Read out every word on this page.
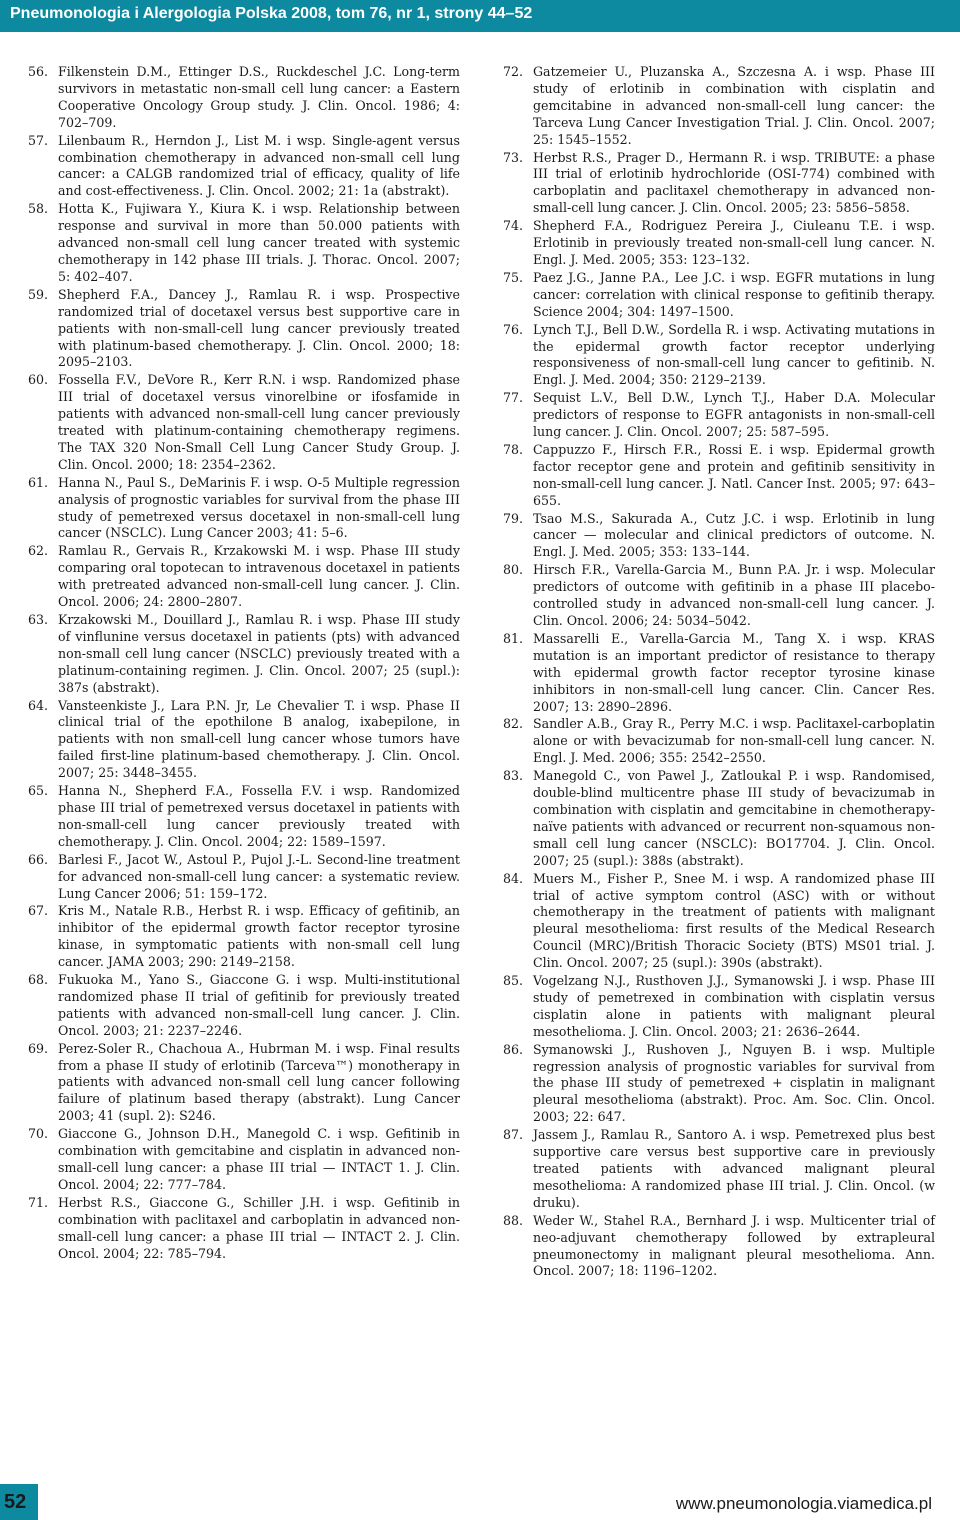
Pneumonologia i Alergologia Polska 2008, tom 76, nr 1, strony 44–52
56. Filkenstein D.M., Ettinger D.S., Ruckdeschel J.C. Long-term survivors in metastatic non-small cell lung cancer: a Eastern Cooperative Oncology Group study. J. Clin. Oncol. 1986; 4: 702–709.
57. Lilenbaum R., Herndon J., List M. i wsp. Single-agent versus combination chemotherapy in advanced non-small cell lung cancer: a CALGB randomized trial of efficacy, quality of life and cost-effectiveness. J. Clin. Oncol. 2002; 21: 1a (abstrakt).
58. Hotta K., Fujiwara Y., Kiura K. i wsp. Relationship between response and survival in more than 50.000 patients with advanced non-small cell lung cancer treated with systemic chemotherapy in 142 phase III trials. J. Thorac. Oncol. 2007; 5: 402–407.
59. Shepherd F.A., Dancey J., Ramlau R. i wsp. Prospective randomized trial of docetaxel versus best supportive care in patients with non-small-cell lung cancer previously treated with platinum-based chemotherapy. J. Clin. Oncol. 2000; 18: 2095–2103.
60. Fossella F.V., DeVore R., Kerr R.N. i wsp. Randomized phase III trial of docetaxel versus vinorelbine or ifosfamide in patients with advanced non-small-cell lung cancer previously treated with platinum-containing chemotherapy regimens. The TAX 320 Non-Small Cell Lung Cancer Study Group. J. Clin. Oncol. 2000; 18: 2354–2362.
61. Hanna N., Paul S., DeMarinis F. i wsp. O-5 Multiple regression analysis of prognostic variables for survival from the phase III study of pemetrexed versus docetaxel in non-small-cell lung cancer (NSCLC). Lung Cancer 2003; 41: 5–6.
62. Ramlau R., Gervais R., Krzakowski M. i wsp. Phase III study comparing oral topotecan to intravenous docetaxel in patients with pretreated advanced non-small-cell lung cancer. J. Clin. Oncol. 2006; 24: 2800–2807.
63. Krzakowski M., Douillard J., Ramlau R. i wsp. Phase III study of vinflunine versus docetaxel in patients (pts) with advanced non-small cell lung cancer (NSCLC) previously treated with a platinum-containing regimen. J. Clin. Oncol. 2007; 25 (supl.): 387s (abstrakt).
64. Vansteenkiste J., Lara P.N. Jr, Le Chevalier T. i wsp. Phase II clinical trial of the epothilone B analog, ixabepilone, in patients with non small-cell lung cancer whose tumors have failed first-line platinum-based chemotherapy. J. Clin. Oncol. 2007; 25: 3448–3455.
65. Hanna N., Shepherd F.A., Fossella F.V. i wsp. Randomized phase III trial of pemetrexed versus docetaxel in patients with non-small-cell lung cancer previously treated with chemotherapy. J. Clin. Oncol. 2004; 22: 1589–1597.
66. Barlesi F., Jacot W., Astoul P., Pujol J.-L. Second-line treatment for advanced non-small-cell lung cancer: a systematic review. Lung Cancer 2006; 51: 159–172.
67. Kris M., Natale R.B., Herbst R. i wsp. Efficacy of gefitinib, an inhibitor of the epidermal growth factor receptor tyrosine kinase, in symptomatic patients with non-small cell lung cancer. JAMA 2003; 290: 2149–2158.
68. Fukuoka M., Yano S., Giaccone G. i wsp. Multi-institutional randomized phase II trial of gefitinib for previously treated patients with advanced non-small-cell lung cancer. J. Clin. Oncol. 2003; 21: 2237–2246.
69. Perez-Soler R., Chachoua A., Hubrman M. i wsp. Final results from a phase II study of erlotinib (Tarceva™) monotherapy in patients with advanced non-small cell lung cancer following failure of platinum based therapy (abstrakt). Lung Cancer 2003; 41 (supl. 2): S246.
70. Giaccone G., Johnson D.H., Manegold C. i wsp. Gefitinib in combination with gemcitabine and cisplatin in advanced non-small-cell lung cancer: a phase III trial — INTACT 1. J. Clin. Oncol. 2004; 22: 777–784.
71. Herbst R.S., Giaccone G., Schiller J.H. i wsp. Gefitinib in combination with paclitaxel and carboplatin in advanced non-small-cell lung cancer: a phase III trial — INTACT 2. J. Clin. Oncol. 2004; 22: 785–794.
72. Gatzemeier U., Pluzanska A., Szczesna A. i wsp. Phase III study of erlotinib in combination with cisplatin and gemcitabine in advanced non-small-cell lung cancer: the Tarceva Lung Cancer Investigation Trial. J. Clin. Oncol. 2007; 25: 1545–1552.
73. Herbst R.S., Prager D., Hermann R. i wsp. TRIBUTE: a phase III trial of erlotinib hydrochloride (OSI-774) combined with carboplatin and paclitaxel chemotherapy in advanced non-small-cell lung cancer. J. Clin. Oncol. 2005; 23: 5856–5858.
74. Shepherd F.A., Rodriguez Pereira J., Ciuleanu T.E. i wsp. Erlotinib in previously treated non-small-cell lung cancer. N. Engl. J. Med. 2005; 353: 123–132.
75. Paez J.G., Janne P.A., Lee J.C. i wsp. EGFR mutations in lung cancer: correlation with clinical response to gefitinib therapy. Science 2004; 304: 1497–1500.
76. Lynch T.J., Bell D.W., Sordella R. i wsp. Activating mutations in the epidermal growth factor receptor underlying responsiveness of non-small-cell lung cancer to gefitinib. N. Engl. J. Med. 2004; 350: 2129–2139.
77. Sequist L.V., Bell D.W., Lynch T.J., Haber D.A. Molecular predictors of response to EGFR antagonists in non-small-cell lung cancer. J. Clin. Oncol. 2007; 25: 587–595.
78. Cappuzzo F., Hirsch F.R., Rossi E. i wsp. Epidermal growth factor receptor gene and protein and gefitinib sensitivity in non-small-cell lung cancer. J. Natl. Cancer Inst. 2005; 97: 643–655.
79. Tsao M.S., Sakurada A., Cutz J.C. i wsp. Erlotinib in lung cancer — molecular and clinical predictors of outcome. N. Engl. J. Med. 2005; 353: 133–144.
80. Hirsch F.R., Varella-Garcia M., Bunn P.A. Jr. i wsp. Molecular predictors of outcome with gefitinib in a phase III placebo-controlled study in advanced non-small-cell lung cancer. J. Clin. Oncol. 2006; 24: 5034–5042.
81. Massarelli E., Varella-Garcia M., Tang X. i wsp. KRAS mutation is an important predictor of resistance to therapy with epidermal growth factor receptor tyrosine kinase inhibitors in non-small-cell lung cancer. Clin. Cancer Res. 2007; 13: 2890–2896.
82. Sandler A.B., Gray R., Perry M.C. i wsp. Paclitaxel-carboplatin alone or with bevacizumab for non-small-cell lung cancer. N. Engl. J. Med. 2006; 355: 2542–2550.
83. Manegold C., von Pawel J., Zatloukal P. i wsp. Randomised, double-blind multicentre phase III study of bevacizumab in combination with cisplatin and gemcitabine in chemotherapy-naïve patients with advanced or recurrent non-squamous non-small cell lung cancer (NSCLC): BO17704. J. Clin. Oncol. 2007; 25 (supl.): 388s (abstrakt).
84. Muers M., Fisher P., Snee M. i wsp. A randomized phase III trial of active symptom control (ASC) with or without chemotherapy in the treatment of patients with malignant pleural mesothelioma: first results of the Medical Research Council (MRC)/British Thoracic Society (BTS) MS01 trial. J. Clin. Oncol. 2007; 25 (supl.): 390s (abstrakt).
85. Vogelzang N.J., Rusthoven J.J., Symanowski J. i wsp. Phase III study of pemetrexed in combination with cisplatin versus cisplatin alone in patients with malignant pleural mesothelioma. J. Clin. Oncol. 2003; 21: 2636–2644.
86. Symanowski J., Rushoven J., Nguyen B. i wsp. Multiple regression analysis of prognostic variables for survival from the phase III study of pemetrexed + cisplatin in malignant pleural mesothelioma (abstrakt). Proc. Am. Soc. Clin. Oncol. 2003; 22: 647.
87. Jassem J., Ramlau R., Santoro A. i wsp. Pemetrexed plus best supportive care versus best supportive care in previously treated patients with advanced malignant pleural mesothelioma: A randomized phase III trial. J. Clin. Oncol. (w druku).
88. Weder W., Stahel R.A., Bernhard J. i wsp. Multicenter trial of neo-adjuvant chemotherapy followed by extrapleural pneumonectomy in malignant pleural mesothelioma. Ann. Oncol. 2007; 18: 1196–1202.
52	www.pneumonologia.viamedica.pl
